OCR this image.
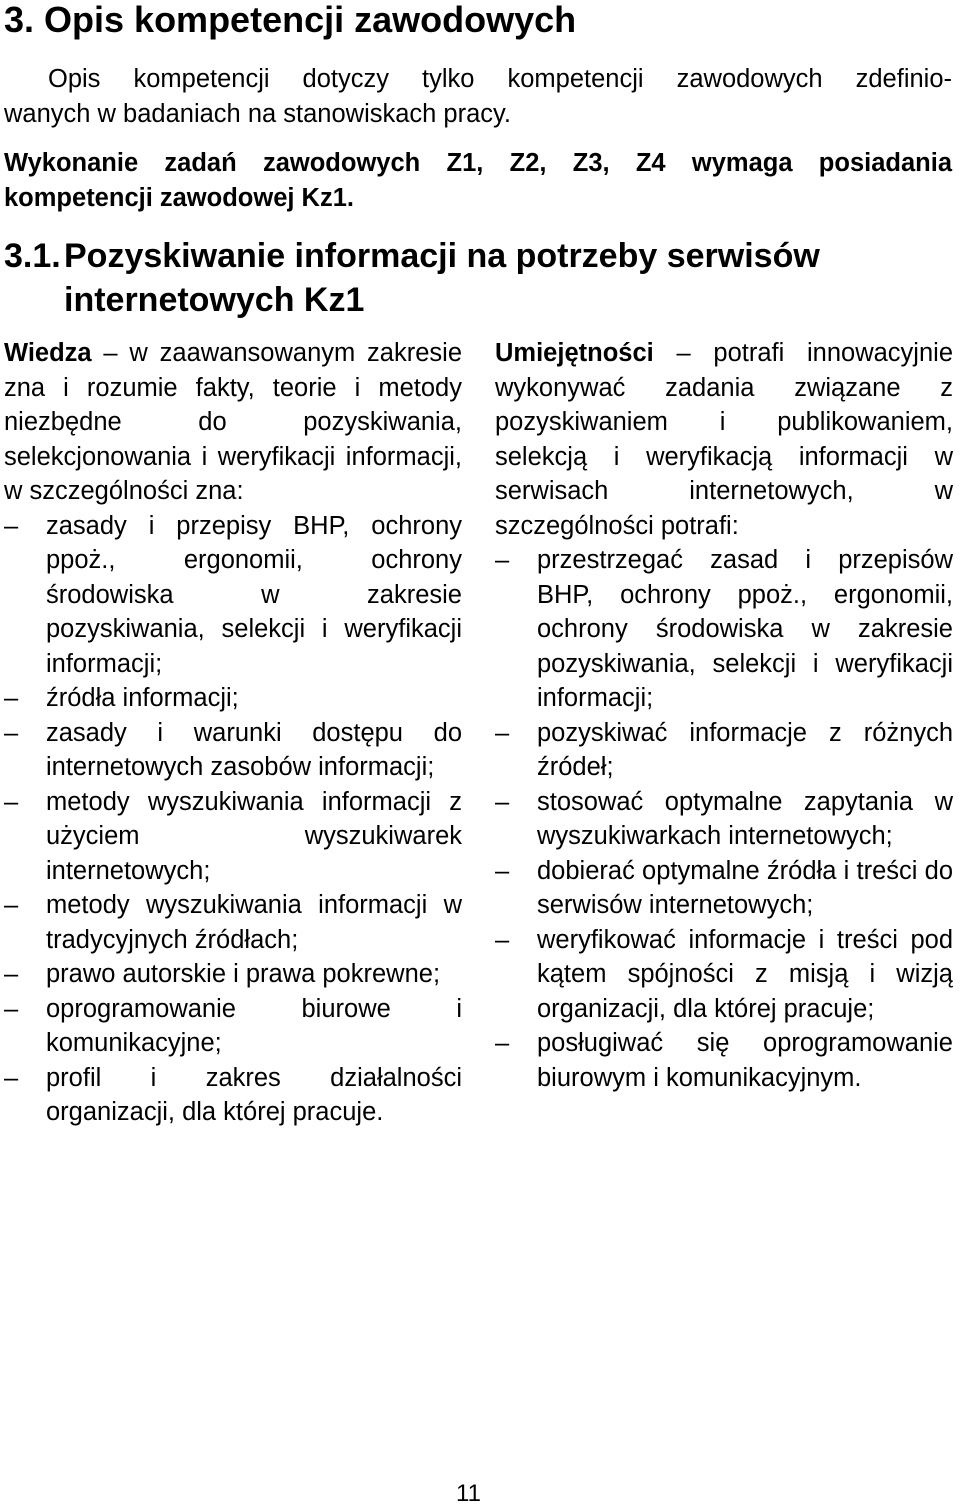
3. Opis kompetencji zawodowych

Opis kompetencji dotyczy tylko kompetencji zawodowych zdefinio-
wanych w badaniach na stanowiskach pracy.

Wykonanie zadań zawodowych Z1, Z2, Z3, Z4 wymaga posiadania
kompetencji zawodowej Kz1.

3.1.Pozyskiwanie informacji na potrzeby serwisów
internetowych Kz1

Wiedza – w zaawansowanym zakresie zna i rozumie fakty, teorie i metody niezbędne do pozyskiwania, selekcjonowania i weryfikacji informacji, w szczególności zna:

–	zasady i przepisy BHP, ochrony ppoż., ergonomii, ochrony środowiska w zakresie pozyskiwania, selekcji i weryfikacji informacji;
–	źródła informacji;
–	zasady i warunki dostępu do internetowych zasobów informacji;
–	metody wyszukiwania informacji z użyciem wyszukiwarek internetowych;
–	metody wyszukiwania informacji w tradycyjnych źródłach;
–	prawo autorskie i prawa pokrewne;
–	oprogramowanie biurowe i komunikacyjne;
–	profil i zakres działalności organizacji, dla której pracuje.

Umiejętności – potrafi innowacyjnie wykonywać zadania związane z pozyskiwaniem i publikowaniem, selekcją i weryfikacją informacji w serwisach internetowych, w szczególności potrafi:

–	przestrzegać zasad i przepisów BHP, ochrony ppoż., ergonomii, ochrony środowiska w zakresie pozyskiwania, selekcji i weryfikacji informacji;
–	pozyskiwać informacje z różnych źródeł;
–	stosować optymalne zapytania w wyszukiwarkach internetowych;
–	dobierać optymalne źródła i treści do serwisów internetowych;
–	weryfikować informacje i treści pod kątem spójności z misją i wizją organizacji, dla której pracuje;
–	posługiwać się oprogramowanie biurowym i komunikacyjnym.
11
